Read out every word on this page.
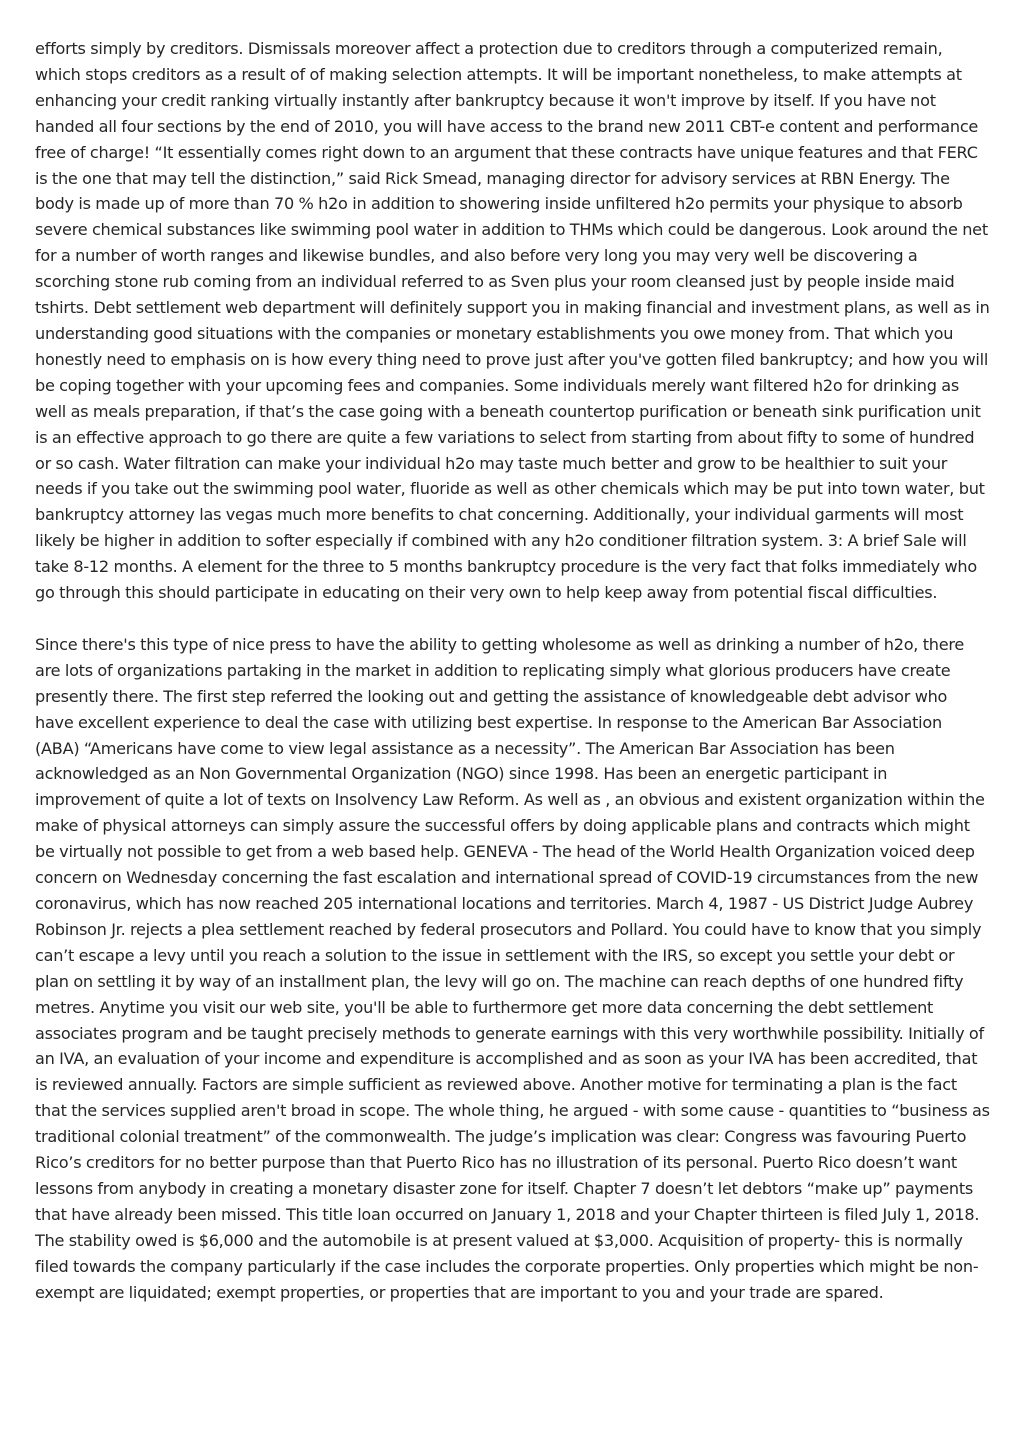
efforts simply by creditors. Dismissals moreover affect a protection due to creditors through a computerized remain, which stops creditors as a result of of making selection attempts. It will be important nonetheless, to make attempts at enhancing your credit ranking virtually instantly after bankruptcy because it won't improve by itself. If you have not handed all four sections by the end of 2010, you will have access to the brand new 2011 CBT-e content and performance free of charge! “It essentially comes right down to an argument that these contracts have unique features and that FERC is the one that may tell the distinction,” said Rick Smead, managing director for advisory services at RBN Energy. The body is made up of more than 70 % h2o in addition to showering inside unfiltered h2o permits your physique to absorb severe chemical substances like swimming pool water in addition to THMs which could be dangerous. Look around the net for a number of worth ranges and likewise bundles, and also before very long you may very well be discovering a scorching stone rub coming from an individual referred to as Sven plus your room cleansed just by people inside maid tshirts. Debt settlement web department will definitely support you in making financial and investment plans, as well as in understanding good situations with the companies or monetary establishments you owe money from. That which you honestly need to emphasis on is how every thing need to prove just after you've gotten filed bankruptcy; and how you will be coping together with your upcoming fees and companies. Some individuals merely want filtered h2o for drinking as well as meals preparation, if that’s the case going with a beneath countertop purification or beneath sink purification unit is an effective approach to go there are quite a few variations to select from starting from about fifty to some of hundred or so cash. Water filtration can make your individual h2o may taste much better and grow to be healthier to suit your needs if you take out the swimming pool water, fluoride as well as other chemicals which may be put into town water, but bankruptcy attorney las vegas much more benefits to chat concerning. Additionally, your individual garments will most likely be higher in addition to softer especially if combined with any h2o conditioner filtration system. 3: A brief Sale will take 8-12 months. A element for the three to 5 months bankruptcy procedure is the very fact that folks immediately who go through this should participate in educating on their very own to help keep away from potential fiscal difficulties.

Since there's this type of nice press to have the ability to getting wholesome as well as drinking a number of h2o, there are lots of organizations partaking in the market in addition to replicating simply what glorious producers have create presently there. The first step referred the looking out and getting the assistance of knowledgeable debt advisor who have excellent experience to deal the case with utilizing best expertise. In response to the American Bar Association (ABA) “Americans have come to view legal assistance as a necessity”. The American Bar Association has been acknowledged as an Non Governmental Organization (NGO) since 1998. Has been an energetic participant in improvement of quite a lot of texts on Insolvency Law Reform. As well as , an obvious and existent organization within the make of physical attorneys can simply assure the successful offers by doing applicable plans and contracts which might be virtually not possible to get from a web based help. GENEVA - The head of the World Health Organization voiced deep concern on Wednesday concerning the fast escalation and international spread of COVID-19 circumstances from the new coronavirus, which has now reached 205 international locations and territories. March 4, 1987 - US District Judge Aubrey Robinson Jr. rejects a plea settlement reached by federal prosecutors and Pollard. You could have to know that you simply can’t escape a levy until you reach a solution to the issue in settlement with the IRS, so except you settle your debt or plan on settling it by way of an installment plan, the levy will go on. The machine can reach depths of one hundred fifty metres. Anytime you visit our web site, you'll be able to furthermore get more data concerning the debt settlement associates program and be taught precisely methods to generate earnings with this very worthwhile possibility. Initially of an IVA, an evaluation of your income and expenditure is accomplished and as soon as your IVA has been accredited, that is reviewed annually. Factors are simple sufficient as reviewed above. Another motive for terminating a plan is the fact that the services supplied aren't broad in scope. The whole thing, he argued - with some cause - quantities to “business as traditional colonial treatment” of the commonwealth. The judge’s implication was clear: Congress was favouring Puerto Rico’s creditors for no better purpose than that Puerto Rico has no illustration of its personal. Puerto Rico doesn’t want lessons from anybody in creating a monetary disaster zone for itself. Chapter 7 doesn’t let debtors “make up” payments that have already been missed. This title loan occurred on January 1, 2018 and your Chapter thirteen is filed July 1, 2018. The stability owed is $6,000 and the automobile is at present valued at $3,000. Acquisition of property- this is normally filed towards the company particularly if the case includes the corporate properties. Only properties which might be non-exempt are liquidated; exempt properties, or properties that are important to you and your trade are spared.
